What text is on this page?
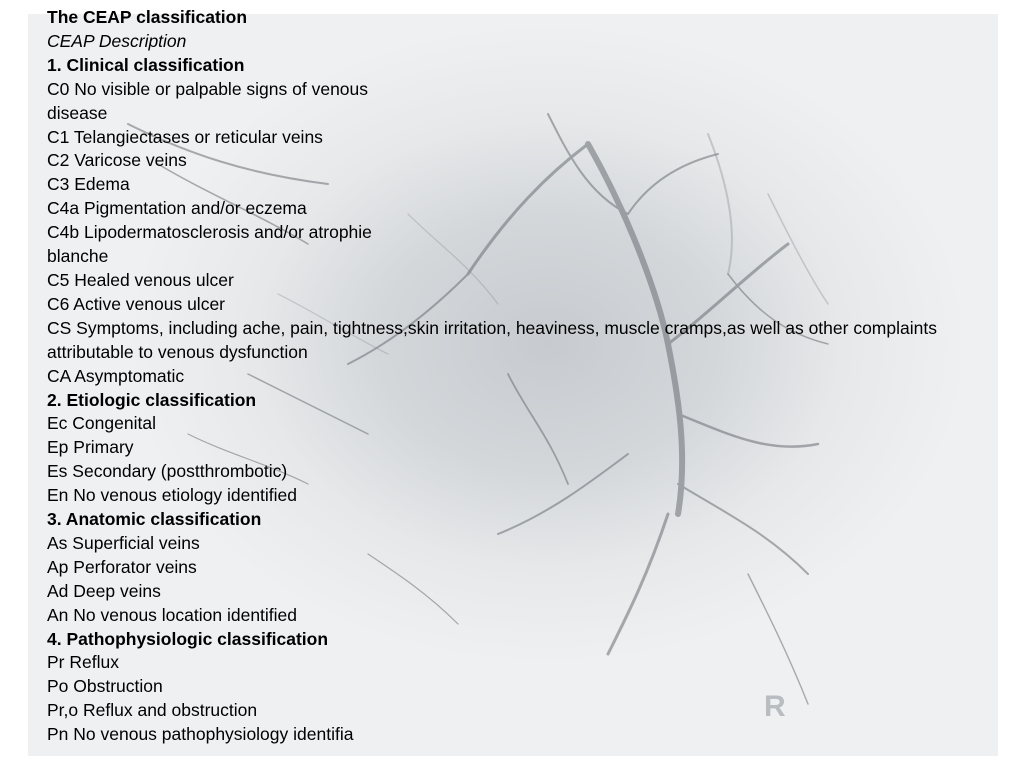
R
The CEAP classification
CEAP Description
1. Clinical classification
C0 No visible or palpable signs of venous
disease
C1 Telangiectases or reticular veins
C2 Varicose veins
C3 Edema
C4a Pigmentation and/or eczema
C4b Lipodermatosclerosis and/or atrophie
blanche
C5 Healed venous ulcer
C6 Active venous ulcer
CS Symptoms, including ache, pain, tightness,skin irritation, heaviness, muscle cramps,as well as other complaints attributable to venous dysfunction
CA Asymptomatic
2. Etiologic classification
Ec Congenital
Ep Primary
Es Secondary (postthrombotic)
En No venous etiology identified
3. Anatomic classification
As Superficial veins
Ap Perforator veins
Ad Deep veins
An No venous location identified
4. Pathophysiologic classification
Pr Reflux
Po Obstruction
Pr,o Reflux and obstruction
Pn No venous pathophysiology identifia
